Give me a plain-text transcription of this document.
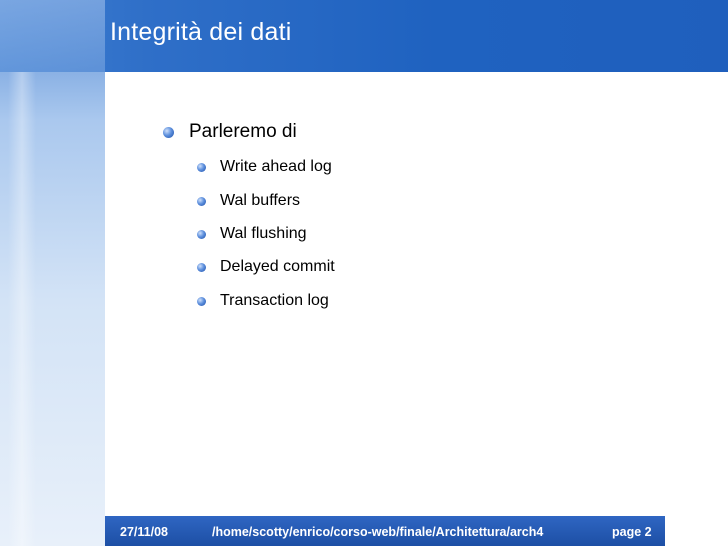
Integrità dei dati
Parleremo di
Write ahead log
Wal buffers
Wal flushing
Delayed commit
Transaction log
27/11/08	/home/scotty/enrico/corso-web/finale/Architettura/arch4	page 2
